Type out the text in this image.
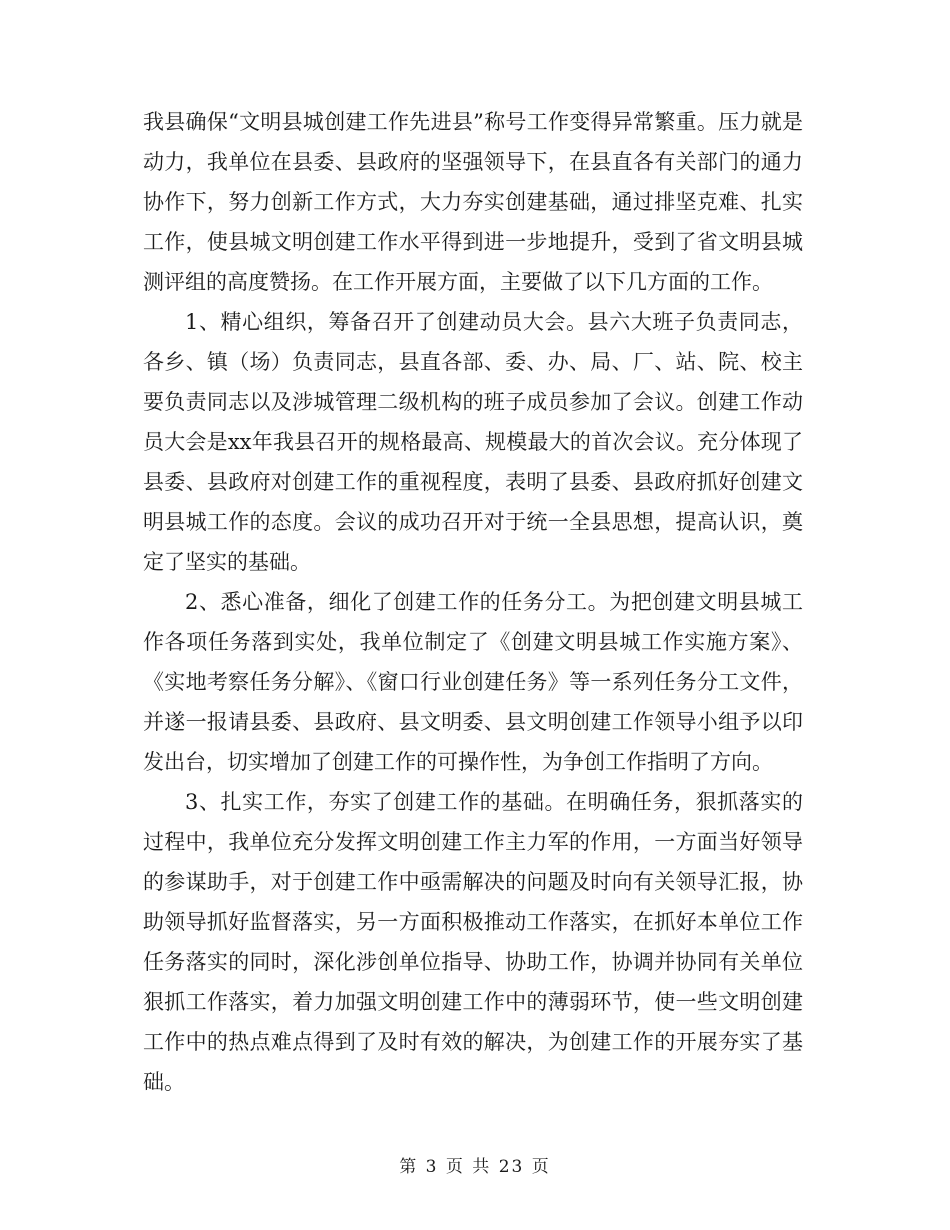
我县确保“文明县城创建工作先进县”称号工作变得异常繁重。压力就是动力，我单位在县委、县政府的坚强领导下，在县直各有关部门的通力协作下，努力创新工作方式，大力夯实创建基础，通过排坚克难、扎实工作，使县城文明创建工作水平得到进一步地提升，受到了省文明县城测评组的高度赞扬。在工作开展方面，主要做了以下几方面的工作。

1、精心组织，筹备召开了创建动员大会。县六大班子负责同志，各乡、镇（场）负责同志，县直各部、委、办、局、厂、站、院、校主要负责同志以及涉城管理二级机构的班子成员参加了会议。创建工作动员大会是xx年我县召开的规格最高、规模最大的首次会议。充分体现了县委、县政府对创建工作的重视程度，表明了县委、县政府抓好创建文明县城工作的态度。会议的成功召开对于统一全县思想，提高认识，奠定了坚实的基础。

2、悉心准备，细化了创建工作的任务分工。为把创建文明县城工作各项任务落到实处，我单位制定了《创建文明县城工作实施方案》、《实地考察任务分解》、《窗口行业创建任务》等一系列任务分工文件，并遂一报请县委、县政府、县文明委、县文明创建工作领导小组予以印发出台，切实增加了创建工作的可操作性，为争创工作指明了方向。

3、扎实工作，夯实了创建工作的基础。在明确任务，狠抓落实的过程中，我单位充分发挥文明创建工作主力军的作用，一方面当好领导的参谋助手，对于创建工作中亟需解决的问题及时向有关领导汇报，协助领导抓好监督落实，另一方面积极推动工作落实，在抓好本单位工作任务落实的同时，深化涉创单位指导、协助工作，协调并协同有关单位狠抓工作落实，着力加强文明创建工作中的薄弱环节，使一些文明创建工作中的热点难点得到了及时有效的解决，为创建工作的开展夯实了基础。

第 3 页 共 23 页
